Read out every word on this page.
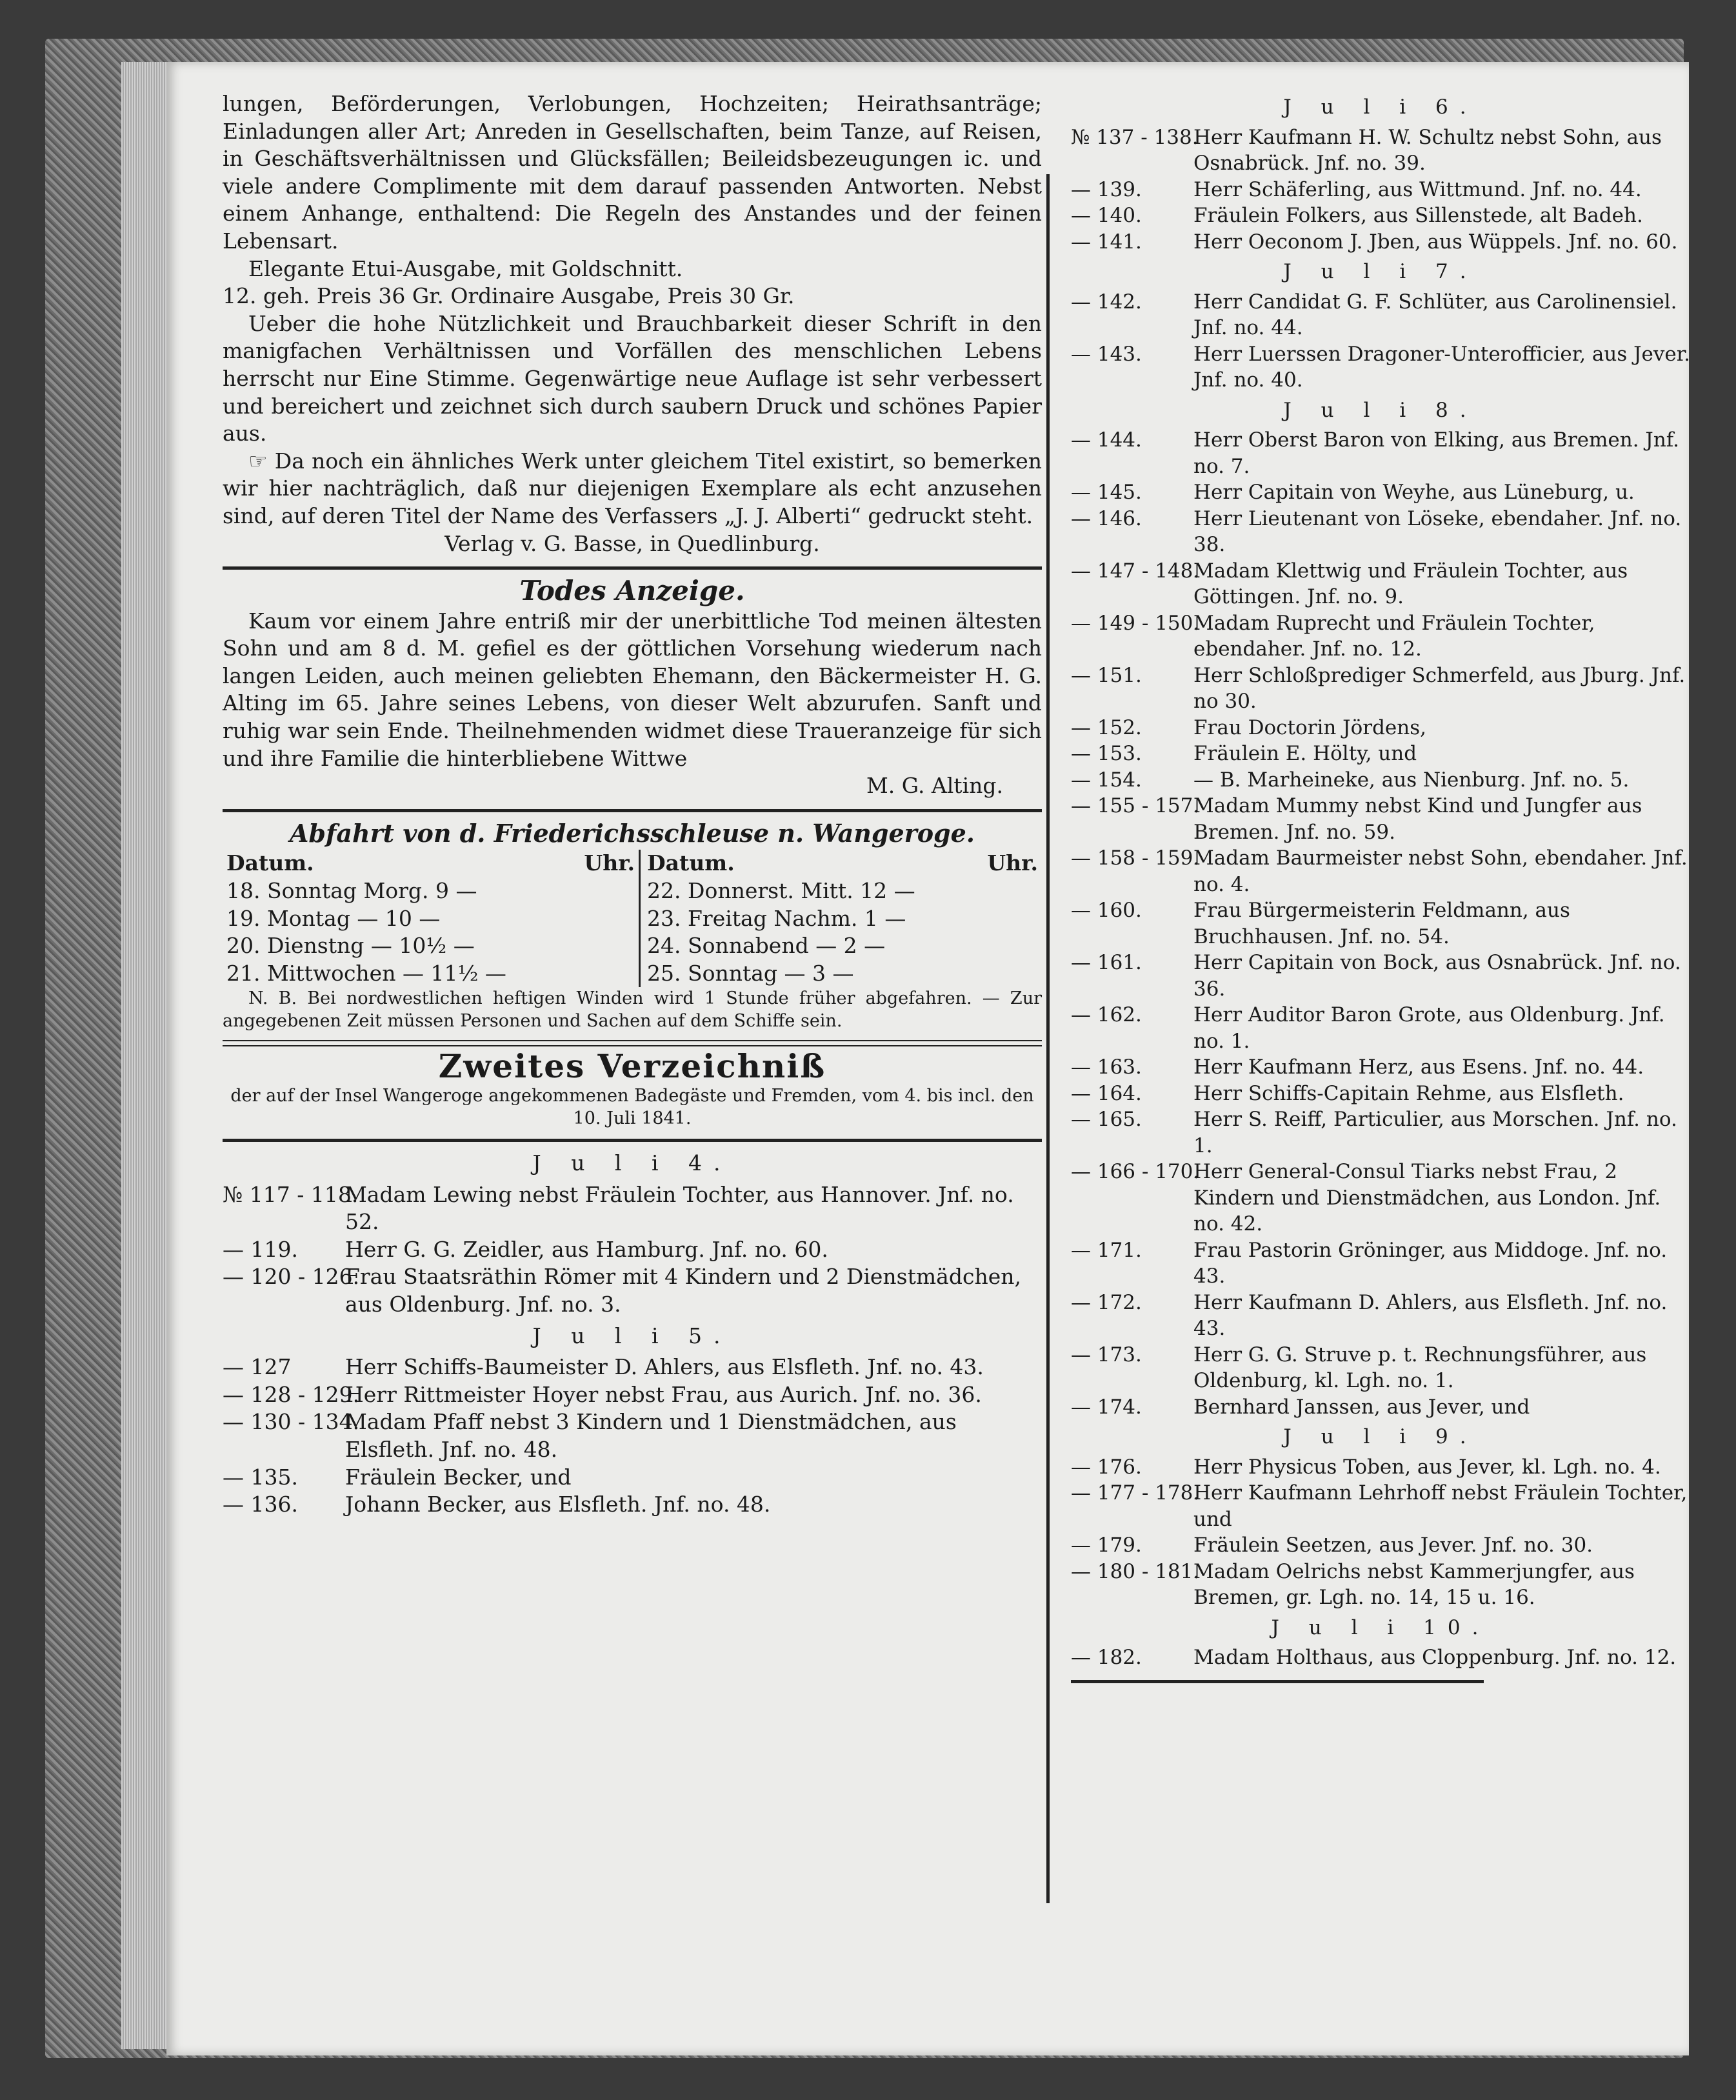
lungen, Beförderungen, Verlobungen, Hochzeiten; Heirathsanträge; Einladungen aller Art; Anreden in Gesellschaften, beim Tanze, auf Reisen, in Geschäftsverhältnissen und Glücksfällen; Beileidsbezeugungen ic. und viele andere Complimente mit dem darauf passenden Antworten. Nebst einem Anhange, enthaltend: Die Regeln des Anstandes und der feinen Lebensart.

Elegante Etui-Ausgabe, mit Goldschnitt.

12. geh. Preis 36 Gr. Ordinaire Ausgabe, Preis 30 Gr.

Ueber die hohe Nützlichkeit und Brauchbarkeit dieser Schrift in den manigfachen Verhältnissen und Vorfällen des menschlichen Lebens herrscht nur Eine Stimme. Gegenwärtige neue Auflage ist sehr verbessert und bereichert und zeichnet sich durch saubern Druck und schönes Papier aus.

☞ Da noch ein ähnliches Werk unter gleichem Titel existirt, so bemerken wir hier nachträglich, daß nur diejenigen Exemplare als echt anzusehen sind, auf deren Titel der Name des Verfassers „J. J. Alberti“ gedruckt steht.

Verlag v. G. Basse, in Quedlinburg.

Todes Anzeige.

Kaum vor einem Jahre entriß mir der unerbittliche Tod meinen ältesten Sohn und am 8 d. M. gefiel es der göttlichen Vorsehung wiederum nach langen Leiden, auch meinen geliebten Ehemann, den Bäckermeister H. G. Alting im 65. Jahre seines Lebens, von dieser Welt abzurufen. Sanft und ruhig war sein Ende. Theilnehmenden widmet diese Traueranzeige für sich und ihre Familie die hinterbliebene Wittwe

M. G. Alting.

Abfahrt von d. Friederichsschleuse n. Wangeroge.
Datum.	Uhr.		Datum.	Uhr.
18. Sonntag Morg. 9 —			22. Donnerst. Mitt. 12 —	
19. Montag — 10 —			23. Freitag Nachm. 1 —	
20. Dienstng — 10½ —			24. Sonnabend — 2 —	
21. Mittwochen — 11½ —			25. Sonntag — 3 —	

N. B. Bei nordwestlichen heftigen Winden wird 1 Stunde früher abgefahren. — Zur angegebenen Zeit müssen Personen und Sachen auf dem Schiffe sein.

Zweites Verzeichniß

der auf der Insel Wangeroge angekommenen Badegäste und Fremden, vom 4. bis incl. den 10. Juli 1841.

J u l i 4.
№ 117 - 118.
Madam Lewing nebst Fräulein Tochter, aus Hannover. Jnf. no. 52.
— 119.	Herr G. G. Zeidler, aus Hamburg. Jnf. no. 60.
— 120 - 126.
Frau Staatsräthin Römer mit 4 Kindern und 2 Dienstmädchen, aus Oldenburg. Jnf. no. 3.
J u l i 5.
— 127	Herr Schiffs-Baumeister D. Ahlers, aus Elsfleth. Jnf. no. 43.
— 128 - 129.
Herr Rittmeister Hoyer nebst Frau, aus Aurich. Jnf. no. 36.
— 130 - 134.
Madam Pfaff nebst 3 Kindern und 1 Dienstmädchen, aus Elsfleth. Jnf. no. 48.
— 135.	Fräulein Becker, und
— 136.	Johann Becker, aus Elsfleth. Jnf. no. 48.
J u l i 6.
№ 137 - 138.
Herr Kaufmann H. W. Schultz nebst Sohn, aus Osnabrück. Jnf. no. 39.
— 139.	Herr Schäferling, aus Wittmund. Jnf. no. 44.
— 140.	Fräulein Folkers, aus Sillenstede, alt Badeh.
— 141.	Herr Oeconom J. Jben, aus Wüppels. Jnf. no. 60.
J u l i 7.
— 142.	Herr Candidat G. F. Schlüter, aus Carolinensiel. Jnf. no. 44.
— 143.	Herr Luerssen Dragoner-Unterofficier, aus Jever. Jnf. no. 40.
J u l i 8.
— 144.	Herr Oberst Baron von Elking, aus Bremen. Jnf. no. 7.
— 145.	Herr Capitain von Weyhe, aus Lüneburg, u.
— 146.	Herr Lieutenant von Löseke, ebendaher. Jnf. no. 38.
— 147 - 148.
Madam Klettwig und Fräulein Tochter, aus Göttingen. Jnf. no. 9.
— 149 - 150.
Madam Ruprecht und Fräulein Tochter, ebendaher. Jnf. no. 12.
— 151.	Herr Schloßprediger Schmerfeld, aus Jburg. Jnf. no 30.
— 152.	Frau Doctorin Jördens,
— 153.	Fräulein E. Hölty, und
— 154.	— B. Marheineke, aus Nienburg. Jnf. no. 5.
— 155 - 157.
Madam Mummy nebst Kind und Jungfer aus Bremen. Jnf. no. 59.
— 158 - 159.
Madam Baurmeister nebst Sohn, ebendaher. Jnf. no. 4.
— 160.	Frau Bürgermeisterin Feldmann, aus Bruchhausen. Jnf. no. 54.
— 161.	Herr Capitain von Bock, aus Osnabrück. Jnf. no. 36.
— 162.	Herr Auditor Baron Grote, aus Oldenburg. Jnf. no. 1.
— 163.	Herr Kaufmann Herz, aus Esens. Jnf. no. 44.
— 164.	Herr Schiffs-Capitain Rehme, aus Elsfleth.
— 165.	Herr S. Reiff, Particulier, aus Morschen. Jnf. no. 1.
— 166 - 170.
Herr General-Consul Tiarks nebst Frau, 2 Kindern und Dienstmädchen, aus London. Jnf. no. 42.
— 171.	Frau Pastorin Gröninger, aus Middoge. Jnf. no. 43.
— 172.	Herr Kaufmann D. Ahlers, aus Elsfleth. Jnf. no. 43.
— 173.	Herr G. G. Struve p. t. Rechnungsführer, aus Oldenburg, kl. Lgh. no. 1.
— 174.	Bernhard Janssen, aus Jever, und
J u l i 9.
— 176.	Herr Physicus Toben, aus Jever, kl. Lgh. no. 4.
— 177 - 178.
Herr Kaufmann Lehrhoff nebst Fräulein Tochter, und
— 179.	Fräulein Seetzen, aus Jever. Jnf. no. 30.
— 180 - 181.
Madam Oelrichs nebst Kammerjungfer, aus Bremen, gr. Lgh. no. 14, 15 u. 16.
J u l i 10.
— 182.	Madam Holthaus, aus Cloppenburg. Jnf. no. 12.
